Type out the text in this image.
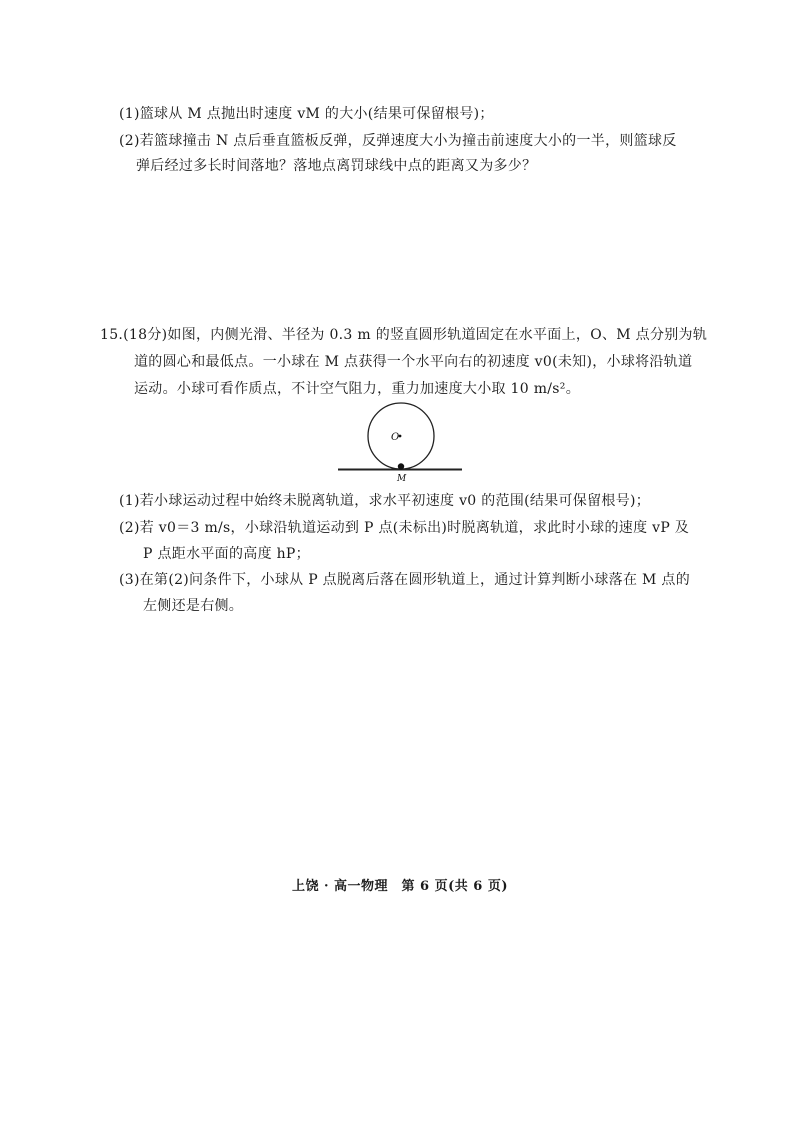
(1)篮球从 M 点抛出时速度 vM 的大小(结果可保留根号)；
(2)若篮球撞击 N 点后垂直篮板反弹，反弹速度大小为撞击前速度大小的一半，则篮球反
弹后经过多长时间落地？落地点离罚球线中点的距离又为多少？
15.(18分)如图，内侧光滑、半径为 0.3 m 的竖直圆形轨道固定在水平面上，O、M 点分别为轨
道的圆心和最低点。一小球在 M 点获得一个水平向右的初速度 v0(未知)，小球将沿轨道
运动。小球可看作质点，不计空气阻力，重力加速度大小取 10 m/s²。
O
M
(1)若小球运动过程中始终未脱离轨道，求水平初速度 v0 的范围(结果可保留根号)；
(2)若 v0＝3 m/s，小球沿轨道运动到 P 点(未标出)时脱离轨道，求此时小球的速度 vP 及
P 点距水平面的高度 hP；
(3)在第(2)问条件下，小球从 P 点脱离后落在圆形轨道上，通过计算判断小球落在 M 点的
左侧还是右侧。
上饶 · 高一物理　第 6 页(共 6 页)
